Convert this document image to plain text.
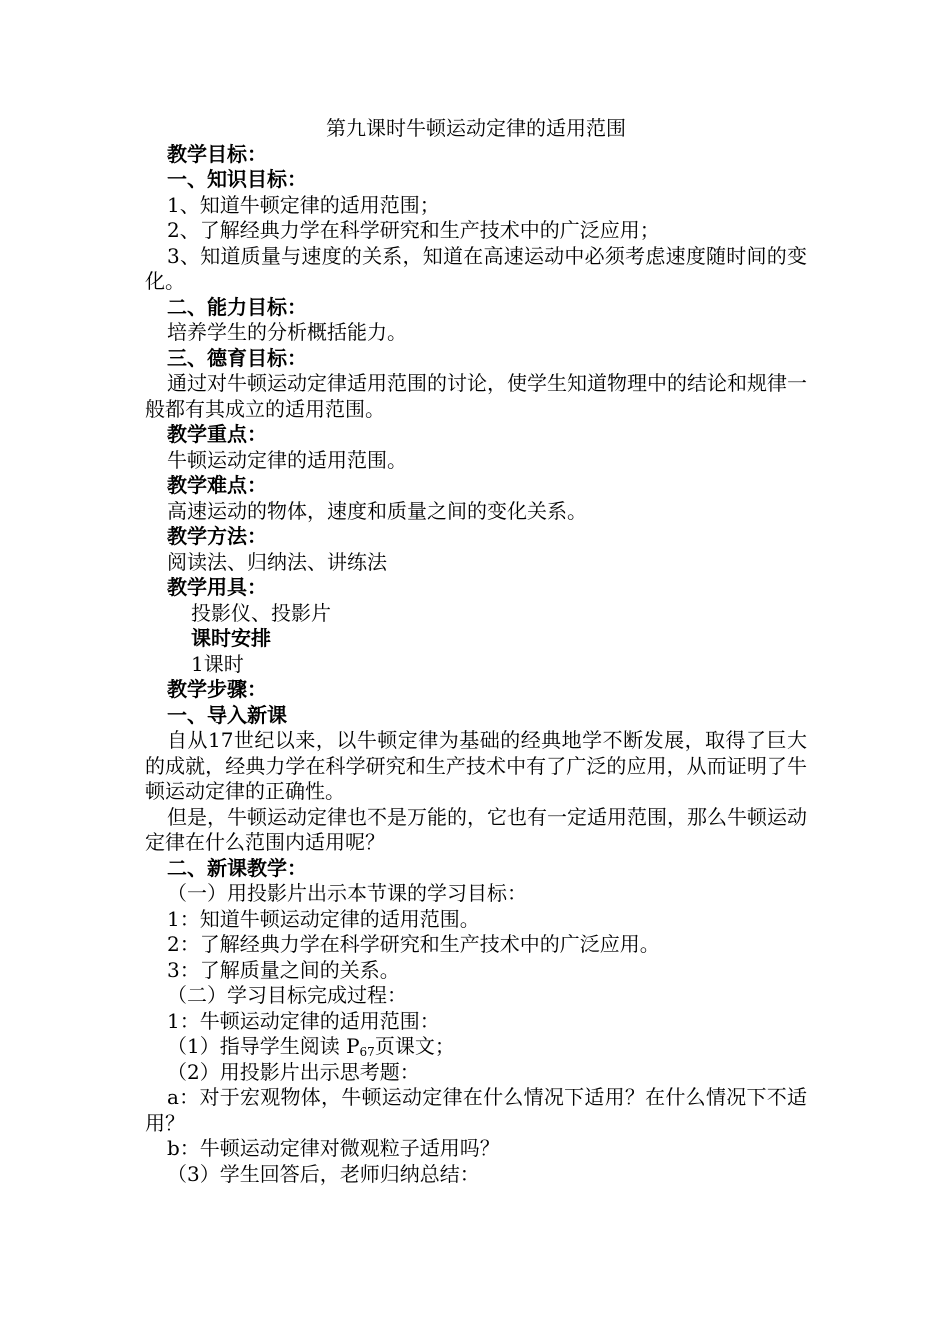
第九课时牛顿运动定律的适用范围

教学目标：

一、知识目标：

1、知道牛顿定律的适用范围；

2、了解经典力学在科学研究和生产技术中的广泛应用；

3、知道质量与速度的关系，知道在高速运动中必须考虑速度随时间的变化。

二、能力目标：

培养学生的分析概括能力。

三、德育目标：

通过对牛顿运动定律适用范围的讨论，使学生知道物理中的结论和规律一般都有其成立的适用范围。

教学重点：

牛顿运动定律的适用范围。

教学难点：

高速运动的物体，速度和质量之间的变化关系。

教学方法：

阅读法、归纳法、讲练法

教学用具：

投影仪、投影片

课时安排

1课时

教学步骤：

一、导入新课

自从17世纪以来，以牛顿定律为基础的经典地学不断发展，取得了巨大的成就，经典力学在科学研究和生产技术中有了广泛的应用，从而证明了牛顿运动定律的正确性。

但是，牛顿运动定律也不是万能的，它也有一定适用范围，那么牛顿运动定律在什么范围内适用呢？

二、新课教学：

（一）用投影片出示本节课的学习目标：

1：知道牛顿运动定律的适用范围。

2：了解经典力学在科学研究和生产技术中的广泛应用。

3：了解质量之间的关系。

（二）学习目标完成过程：

1：牛顿运动定律的适用范围：

（1）指导学生阅读 $P_{67}$页课文；

（2）用投影片出示思考题：

a：对于宏观物体，牛顿运动定律在什么情况下适用？在什么情况下不适用？

b：牛顿运动定律对微观粒子适用吗？

（3）学生回答后，老师归纳总结：
